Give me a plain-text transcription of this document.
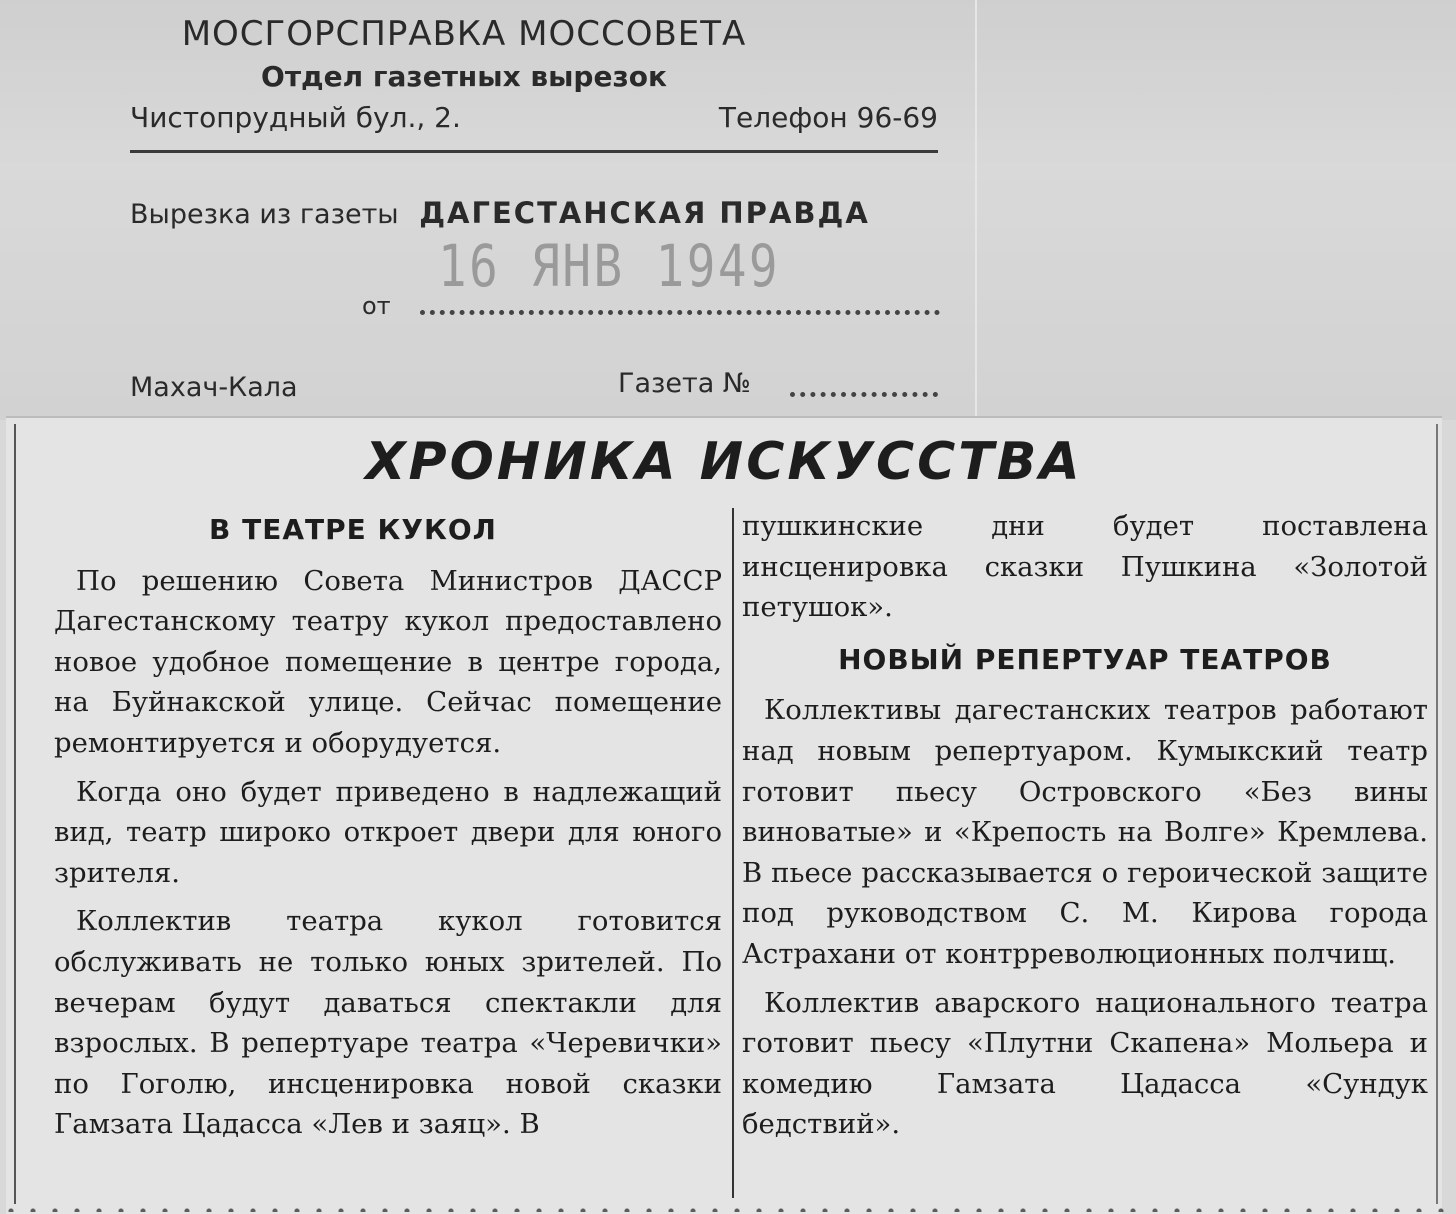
МОСГОРСПРАВКА МОССОВЕТА
Отдел газетных вырезок
Чистопрудный бул., 2.	Телефон 96-69
Вырезка из газеты ДАГЕСТАНСКАЯ ПРАВДА
16 ЯНВ 1949
от
Махач-Кала	Газета №
ХРОНИКА ИСКУССТВА
В ТЕАТРЕ КУКОЛ

По решению Совета Министров ДАССР Дагестанскому театру кукол предоставлено новое удобное помещение в центре города, на Буйнакской улице. Сейчас помещение ремонтируется и оборудуется.

Когда оно будет приведено в надлежащий вид, театр широко откроет двери для юного зрителя.

Коллектив театра кукол готовится обслуживать не только юных зрителей. По вечерам будут даваться спектакли для взрослых. В репертуаре театра «Черевички» по Гоголю, инсценировка новой сказки Гамзата Цадасса «Лев и заяц». В

пушкинские дни будет поставлена инсценировка сказки Пушкина «Золотой петушок».

НОВЫЙ РЕПЕРТУАР ТЕАТРОВ

Коллективы дагестанских театров работают над новым репертуаром. Кумыкский театр готовит пьесу Островского «Без вины виноватые» и «Крепость на Волге» Кремлева. В пьесе рассказывается о героической защите под руководством С. М. Кирова города Астрахани от контрреволюционных полчищ.

Коллектив аварского национального театра готовит пьесу «Плутни Скапена» Мольера и комедию Гамзата Цадасса «Сундук бедствий».
